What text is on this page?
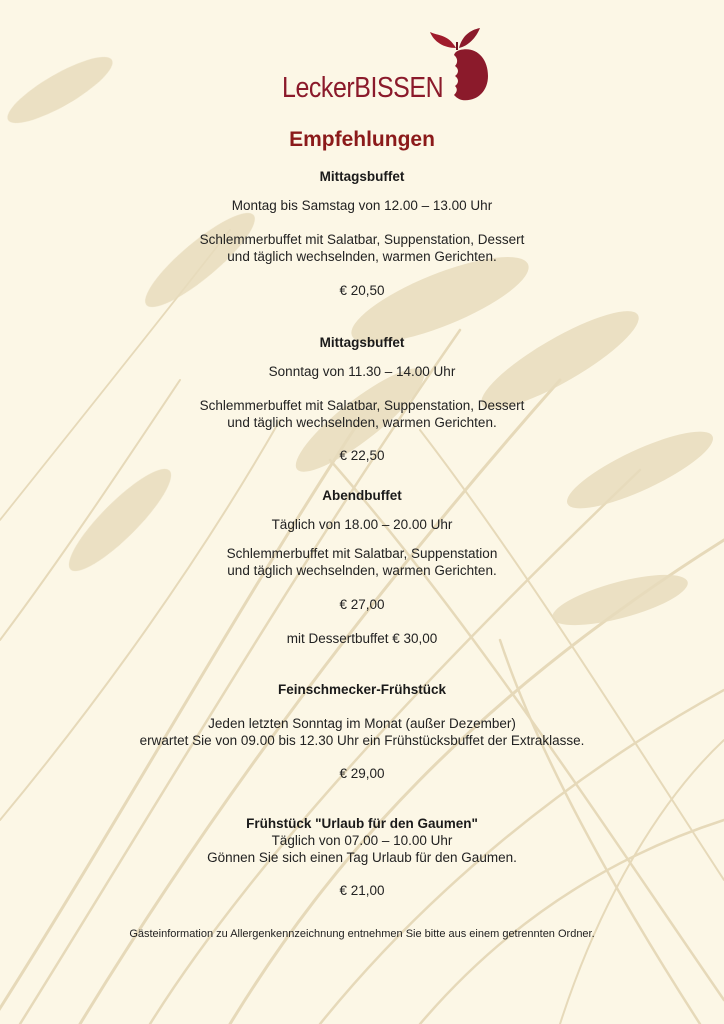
LeckerBISSEN
Empfehlungen
Mittagsbuffet
Montag bis Samstag von 12.00 – 13.00 Uhr
Schlemmerbuffet mit Salatbar, Suppenstation, Dessert
und täglich wechselnden, warmen Gerichten.
€ 20,50
Mittagsbuffet
Sonntag von 11.30 – 14.00 Uhr
Schlemmerbuffet mit Salatbar, Suppenstation, Dessert
und täglich wechselnden, warmen Gerichten.
€ 22,50
Abendbuffet
Täglich von 18.00 – 20.00 Uhr
Schlemmerbuffet mit Salatbar, Suppenstation
und täglich wechselnden, warmen Gerichten.
€ 27,00
mit Dessertbuffet € 30,00
Feinschmecker-Frühstück
Jeden letzten Sonntag im Monat (außer Dezember)
erwartet Sie von 09.00 bis 12.30 Uhr ein Frühstücksbuffet der Extraklasse.
€ 29,00
Frühstück "Urlaub für den Gaumen"
Täglich von 07.00 – 10.00 Uhr
Gönnen Sie sich einen Tag Urlaub für den Gaumen.
€ 21,00
Gästeinformation zu Allergenkennzeichnung entnehmen Sie bitte aus einem getrennten Ordner.
